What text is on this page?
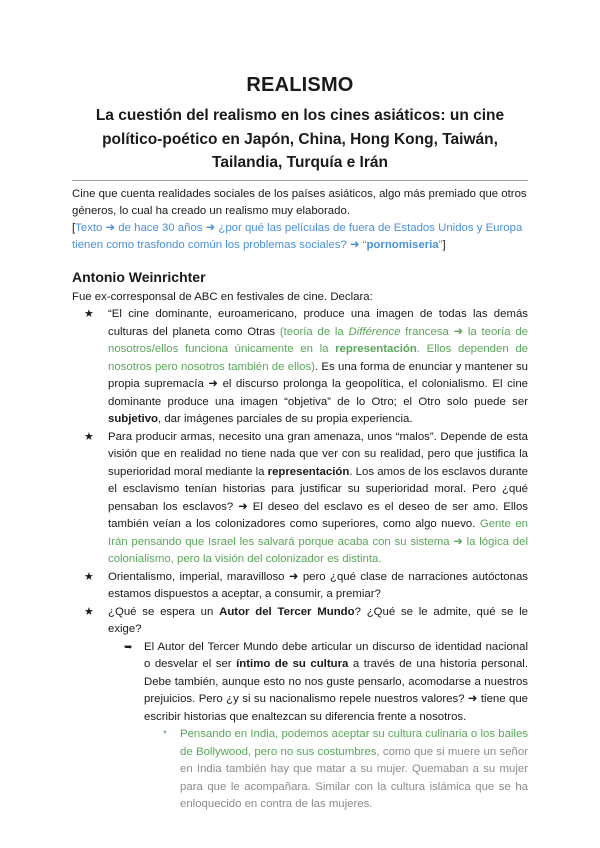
REALISMO
La cuestión del realismo en los cines asiáticos: un cine político-poético en Japón, China, Hong Kong, Taiwán, Tailandia, Turquía e Irán

Cine que cuenta realidades sociales de los países asiáticos, algo más premiado que otros géneros, lo cual ha creado un realismo muy elaborado.

[Texto ➜ de hace 30 años ➜ ¿por qué las películas de fuera de Estados Unidos y Europa tienen como trasfondo común los problemas sociales? ➜ “pornomiseria”]

Antonio Weinrichter

Fue ex-corresponsal de ABC en festivales de cine. Declara:

★ “El cine dominante, euroamericano, produce una imagen de todas las demás culturas del planeta como Otras (teoría de la Différence francesa ➜ la teoría de nosotros/ellos funciona únicamente en la representación. Ellos dependen de nosotros pero nosotros también de ellos). Es una forma de enunciar y mantener su propia supremacía ➜ el discurso prolonga la geopolítica, el colonialismo. El cine dominante produce una imagen “objetiva” de lo Otro; el Otro solo puede ser subjetivo, dar imágenes parciales de su propia experiencia.

★ Para producir armas, necesito una gran amenaza, unos “malos”. Depende de esta visión que en realidad no tiene nada que ver con su realidad, pero que justifica la superioridad moral mediante la representación. Los amos de los esclavos durante el esclavismo tenían historias para justificar su superioridad moral. Pero ¿qué pensaban los esclavos? ➜ El deseo del esclavo es el deseo de ser amo. Ellos también veían a los colonizadores como superiores, como algo nuevo. Gente en Irán pensando que Israel les salvará porque acaba con su sistema ➜ la lógica del colonialismo, pero la visión del colonizador es distinta.

★ Orientalismo, imperial, maravilloso ➜ pero ¿qué clase de narraciones autóctonas estamos dispuestos a aceptar, a consumir, a premiar?

★ ¿Qué se espera un Autor del Tercer Mundo? ¿Qué se le admite, qué se le exige?

➥ El Autor del Tercer Mundo debe articular un discurso de identidad nacional o desvelar el ser íntimo de su cultura a través de una historia personal. Debe también, aunque esto no nos guste pensarlo, acomodarse a nuestros prejuicios. Pero ¿y si su nacionalismo repele nuestros valores? ➜ tiene que escribir historias que enaltezcan su diferencia frente a nosotros.

* Pensando en India, podemos aceptar su cultura culinaria o los bailes de Bollywood, pero no sus costumbres, como que si muere un señor en India también hay que matar a su mujer. Quemaban a su mujer para que le acompañara. Similar con la cultura islámica que se ha enloquecido en contra de las mujeres.
